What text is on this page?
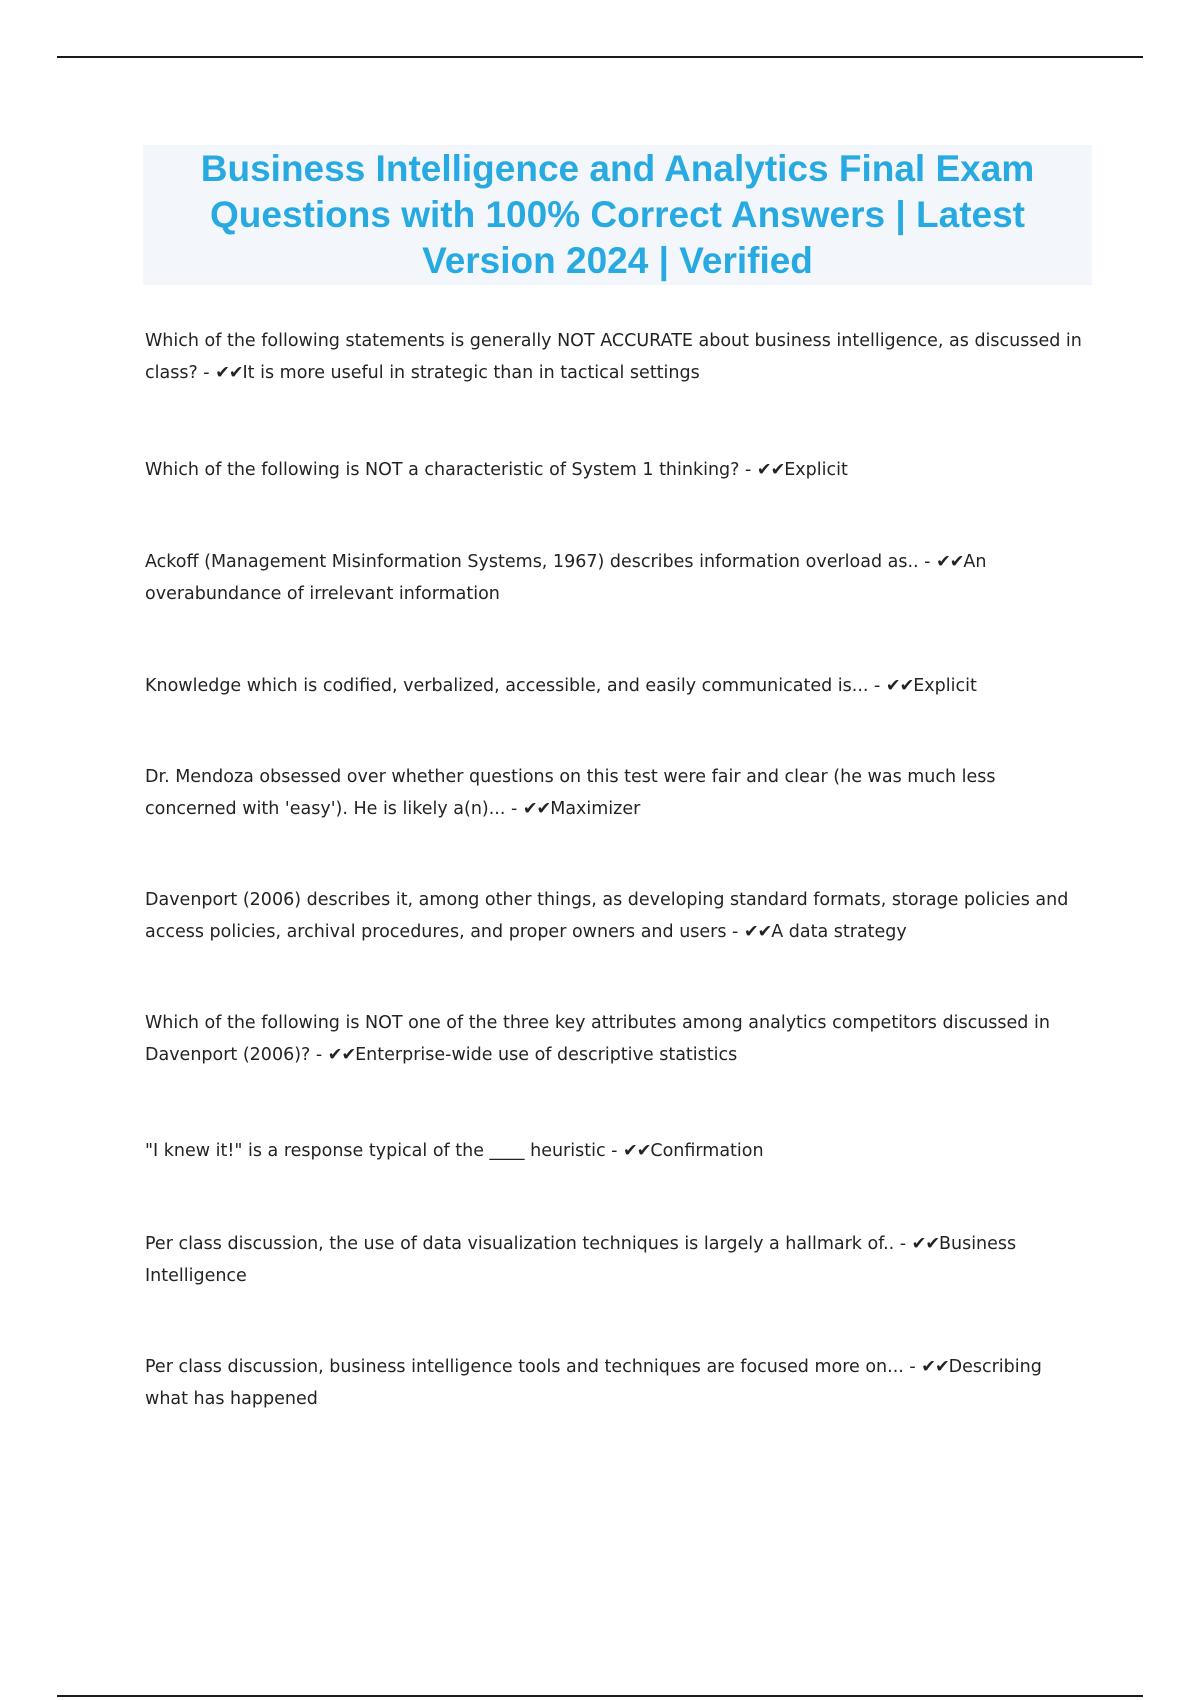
Business Intelligence and Analytics Final Exam Questions with 100% Correct Answers | Latest Version 2024 | Verified

Which of the following statements is generally NOT ACCURATE about business intelligence, as discussed in class? - ✔✔It is more useful in strategic than in tactical settings

Which of the following is NOT a characteristic of System 1 thinking? - ✔✔Explicit

Ackoff (Management Misinformation Systems, 1967) describes information overload as.. - ✔✔An overabundance of irrelevant information

Knowledge which is codified, verbalized, accessible, and easily communicated is... - ✔✔Explicit

Dr. Mendoza obsessed over whether questions on this test were fair and clear (he was much less concerned with 'easy'). He is likely a(n)... - ✔✔Maximizer

Davenport (2006) describes it, among other things, as developing standard formats, storage policies and access policies, archival procedures, and proper owners and users - ✔✔A data strategy

Which of the following is NOT one of the three key attributes among analytics competitors discussed in Davenport (2006)? - ✔✔Enterprise-wide use of descriptive statistics

"I knew it!" is a response typical of the ____ heuristic - ✔✔Confirmation

Per class discussion, the use of data visualization techniques is largely a hallmark of.. - ✔✔Business Intelligence

Per class discussion, business intelligence tools and techniques are focused more on... - ✔✔Describing what has happened
